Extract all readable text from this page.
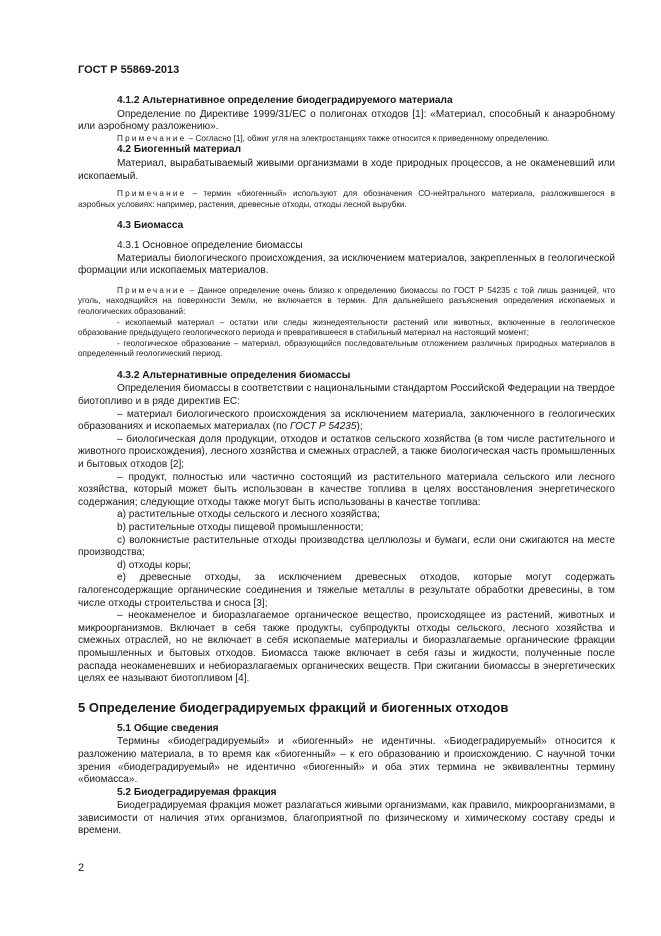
ГОСТ Р 55869-2013
4.1.2 Альтернативное определение биодеградируемого материала

Определение по Директиве 1999/31/ЕС о полигонах отходов [1]: «Материал, способный к анаэробному или аэробному разложению».

Примечание – Согласно [1], обжиг угля на электростанциях также относится к приведенному определению.

4.2 Биогенный материал

Материал, вырабатываемый живыми организмами в ходе природных процессов, а не окаменевший или ископаемый.

Примечание – термин «биогенный» используют для обозначения СО-нейтрального материала, разложившегося в аэробных условиях: например, растения, древесные отходы, отходы лесной вырубки.

4.3 Биомасса
4.3.1 Основное определение биомассы

Материалы биологического происхождения, за исключением материалов, закрепленных в геологической формации или ископаемых материалов.

Примечание – Данное определение очень близко к определению биомассы по ГОСТ Р 54235 с той лишь разницей, что уголь, находящийся на поверхности Земли, не включается в термин. Для дальнейшего разъяснения определения ископаемых и геологических образований:

- ископаемый материал – остатки или следы жизнедеятельности растений или животных, включенные в геологическое образование предыдущего геологического периода и превратившееся в стабильный материал на настоящий момент;

- геологическое образование – материал, образующийся последовательным отложением различных природных материалов в определенный геологический период.

4.3.2 Альтернативные определения биомассы

Определения биомассы в соответствии с национальными стандартом Российской Федерации на твердое биотопливо и в ряде директив ЕС:

– материал биологического происхождения за исключением материала, заключенного в геологических образованиях и ископаемых материалах (по ГОСТ Р 54235);

– биологическая доля продукции, отходов и остатков сельского хозяйства (в том числе растительного и животного происхождения), лесного хозяйства и смежных отраслей, а также биологическая часть промышленных и бытовых отходов [2];

– продукт, полностью или частично состоящий из растительного материала сельского или лесного хозяйства, который может быть использован в качестве топлива в целях восстановления энергетического содержания; следующие отходы также могут быть использованы в качестве топлива:

a) растительные отходы сельского и лесного хозяйства;

b) растительные отходы пищевой промышленности;

c) волокнистые растительные отходы производства целлюлозы и бумаги, если они сжигаются на месте производства;

d) отходы коры;

e) древесные отходы, за исключением древесных отходов, которые могут содержать галогенсодержащие органические соединения и тяжелые металлы в результате обработки древесины, в том числе отходы строительства и сноса [3];

– неокаменелое и биоразлагаемое органическое вещество, происходящее из растений, животных и микроорганизмов. Включает в себя также продукты, субпродукты отходы сельского, лесного хозяйства и смежных отраслей, но не включает в себя ископаемые материалы и биоразлагаемые органические фракции промышленных и бытовых отходов. Биомасса также включает в себя газы и жидкости, полученные после распада неокаменевших и небиоразлагаемых органических веществ. При сжигании биомассы в энергетических целях ее называют биотопливом [4].

5 Определение биодеградируемых фракций и биогенных отходов
5.1 Общие сведения

Термины «биодеградируемый» и «биогенный» не идентичны. «Биодеградируемый» относится к разложению материала, в то время как «биогенный» – к его образованию и происхождению. С научной точки зрения «биодеградируемый» не идентично «биогенный» и оба этих термина не эквивалентны термину «биомасса».

5.2 Биодеградируемая фракция

Биодеградируемая фракция может разлагаться живыми организмами, как правило, микроорганизмами, в зависимости от наличия этих организмов, благоприятной по физическому и химическому составу среды и времени.

2
